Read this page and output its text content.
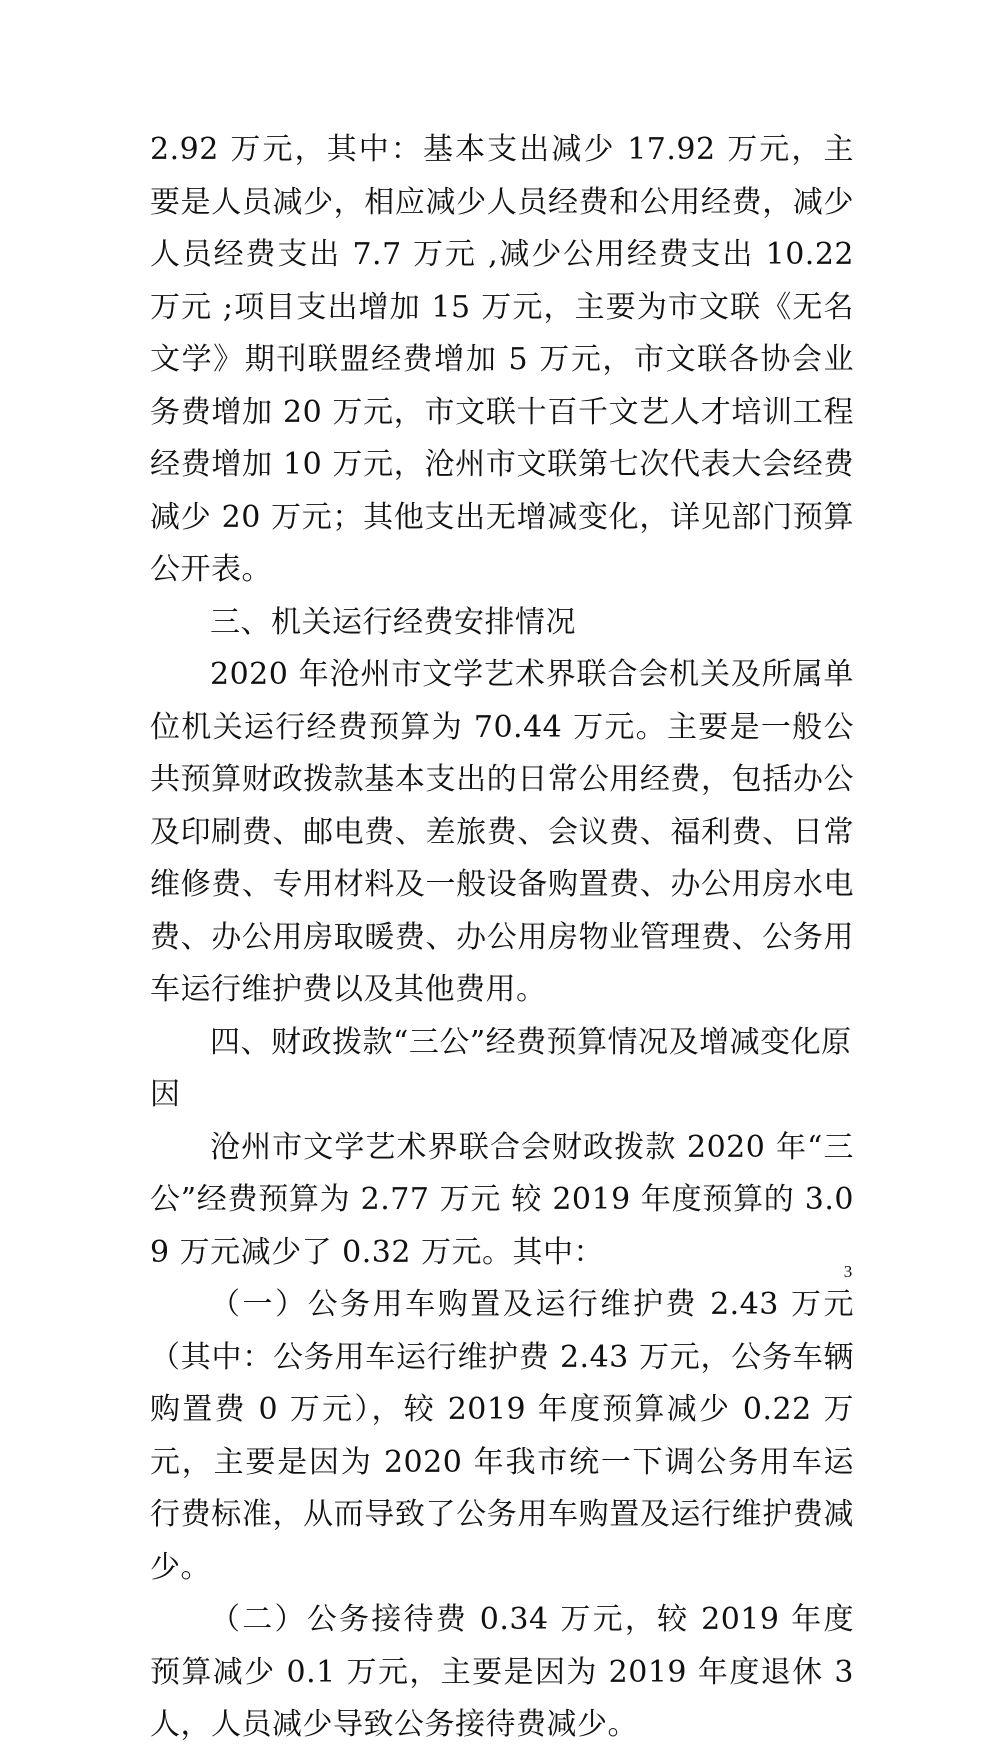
2.92 万元，其中：基本支出减少 17.92 万元，主要是人员减少，相应减少人员经费和公用经费，减少人员经费支出 7.7 万元 ,减少公用经费支出 10.22 万元 ;项目支出增加 15 万元，主要为市文联《无名文学》期刊联盟经费增加 5 万元，市文联各协会业务费增加 20 万元，市文联十百千文艺人才培训工程经费增加 10 万元，沧州市文联第七次代表大会经费减少 20 万元；其他支出无增减变化，详见部门预算公开表。

三、机关运行经费安排情况

2020 年沧州市文学艺术界联合会机关及所属单位机关运行经费预算为 70.44 万元。主要是一般公共预算财政拨款基本支出的日常公用经费，包括办公及印刷费、邮电费、差旅费、会议费、福利费、日常维修费、专用材料及一般设备购置费、办公用房水电费、办公用房取暖费、办公用房物业管理费、公务用车运行维护费以及其他费用。

四、财政拨款“三公”经费预算情况及增减变化原因

沧州市文学艺术界联合会财政拨款 2020 年“三公”经费预算为 2.77 万元 较 2019 年度预算的 3.09 万元减少了 0.32 万元。其中：

（一）公务用车购置及运行维护费 2.43 万元（其中：公务用车运行维护费 2.43 万元，公务车辆购置费 0 万元），较 2019 年度预算减少 0.22 万元，主要是因为 2020 年我市统一下调公务用车运行费标准，从而导致了公务用车购置及运行维护费减少。

（二）公务接待费 0.34 万元，较 2019 年度预算减少 0.1 万元，主要是因为 2019 年度退休 3 人，人员减少导致公务接待费减少。

3
